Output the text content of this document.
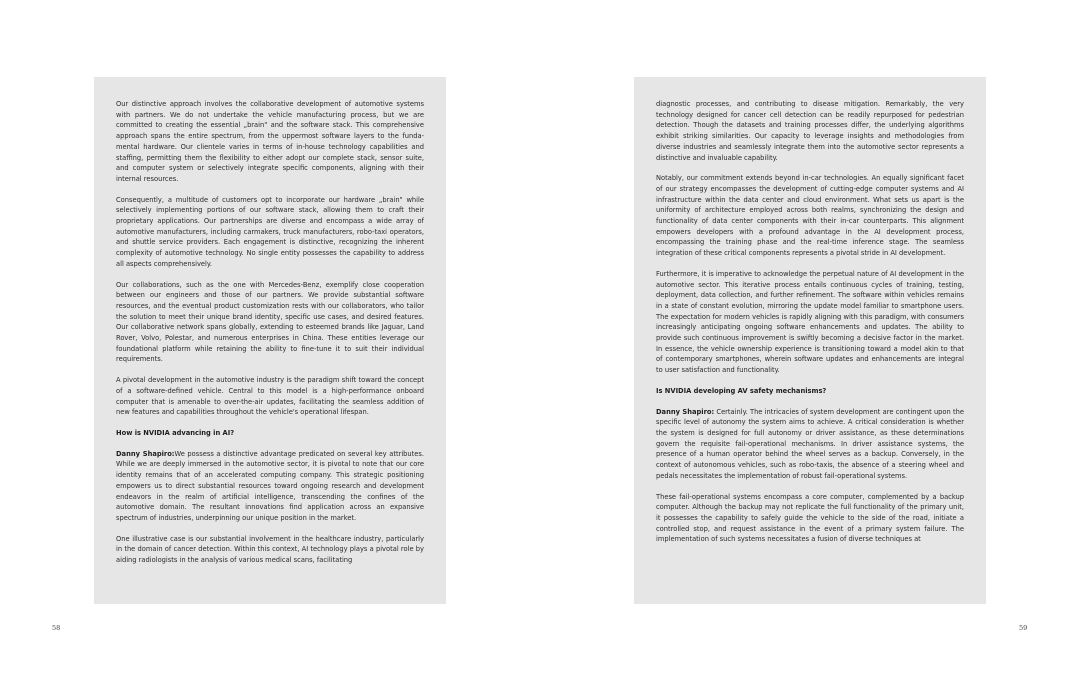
Our distinctive approach involves the collaborative development of automotive systems with partners. We do not undertake the vehicle manufacturing process, but we are committed to creating the essential „brain" and the software stack. This comprehensive approach spans the entire spectrum, from the uppermost software layers to the fundamental hardware. Our clientele varies in terms of in-house technology capabilities and staffing, permitting them the flexibility to either adopt our complete stack, sensor suite, and computer system or selectively integrate specific components, aligning with their internal resources.

Consequently, a multitude of customers opt to incorporate our hardware „brain" while selectively implementing portions of our software stack, allowing them to craft their proprietary applications. Our partnerships are diverse and encompass a wide array of automotive manufacturers, including carmakers, truck manufacturers, robo-taxi operators, and shuttle service providers. Each engagement is distinctive, recognizing the inherent complexity of automotive technology. No single entity possesses the capability to address all aspects comprehensively.

Our collaborations, such as the one with Mercedes-Benz, exemplify close cooperation between our engineers and those of our partners. We provide substantial software resources, and the eventual product customization rests with our collaborators, who tailor the solution to meet their unique brand identity, specific use cases, and desired features. Our collaborative network spans globally, extending to esteemed brands like Jaguar, Land Rover, Volvo, Polestar, and numerous enterprises in China. These entities leverage our foundational platform while retaining the ability to fine-tune it to suit their individual requirements.

A pivotal development in the automotive industry is the paradigm shift toward the concept of a software-defined vehicle. Central to this model is a high-performance onboard computer that is amenable to over-the-air updates, facilitating the seamless addition of new features and capabilities throughout the vehicle's operational lifespan.

How is NVIDIA advancing in AI?

Danny Shapiro:We possess a distinctive advantage predicated on several key attributes. While we are deeply immersed in the automotive sector, it is pivotal to note that our core identity remains that of an accelerated computing company. This strategic positioning empowers us to direct substantial resources toward ongoing research and development endeavors in the realm of artificial intelligence, transcending the confines of the automotive domain. The resultant innovations find application across an expansive spectrum of industries, underpinning our unique position in the market.

One illustrative case is our substantial involvement in the healthcare industry, particularly in the domain of cancer detection. Within this context, AI technology plays a pivotal role by aiding radiologists in the analysis of various medical scans, facilitating

diagnostic processes, and contributing to disease mitigation. Remarkably, the very technology designed for cancer cell detection can be readily repurposed for pedestrian detection. Though the datasets and training processes differ, the underlying algorithms exhibit striking similarities. Our capacity to leverage insights and methodologies from diverse industries and seamlessly integrate them into the automotive sector represents a distinctive and invaluable capability.

Notably, our commitment extends beyond in-car technologies. An equally significant facet of our strategy encompasses the development of cutting-edge computer systems and AI infrastructure within the data center and cloud environment. What sets us apart is the uniformity of architecture employed across both realms, synchronizing the design and functionality of data center components with their in-car counterparts. This alignment empowers developers with a profound advantage in the AI development process, encompassing the training phase and the real-time inference stage. The seamless integration of these critical components represents a pivotal stride in AI development.

Furthermore, it is imperative to acknowledge the perpetual nature of AI development in the automotive sector. This iterative process entails continuous cycles of training, testing, deployment, data collection, and further refinement. The software within vehicles remains in a state of constant evolution, mirroring the update model familiar to smartphone users. The expectation for modern vehicles is rapidly aligning with this paradigm, with consumers increasingly anticipating ongoing software enhancements and updates. The ability to provide such continuous improvement is swiftly becoming a decisive factor in the market. In essence, the vehicle ownership experience is transitioning toward a model akin to that of contemporary smartphones, wherein software updates and enhancements are integral to user satisfaction and functionality.

Is NVIDIA developing AV safety mechanisms?

Danny Shapiro: Certainly. The intricacies of system development are contingent upon the specific level of autonomy the system aims to achieve. A critical consideration is whether the system is designed for full autonomy or driver assistance, as these determinations govern the requisite fail-operational mechanisms. In driver assistance systems, the presence of a human operator behind the wheel serves as a backup. Conversely, in the context of autonomous vehicles, such as robo-taxis, the absence of a steering wheel and pedals necessitates the implementation of robust fail-operational systems.

These fail-operational systems encompass a core computer, complemented by a backup computer. Although the backup may not replicate the full functionality of the primary unit, it possesses the capability to safely guide the vehicle to the side of the road, initiate a controlled stop, and request assistance in the event of a primary system failure. The implementation of such systems necessitates a fusion of diverse techniques at

58	59
